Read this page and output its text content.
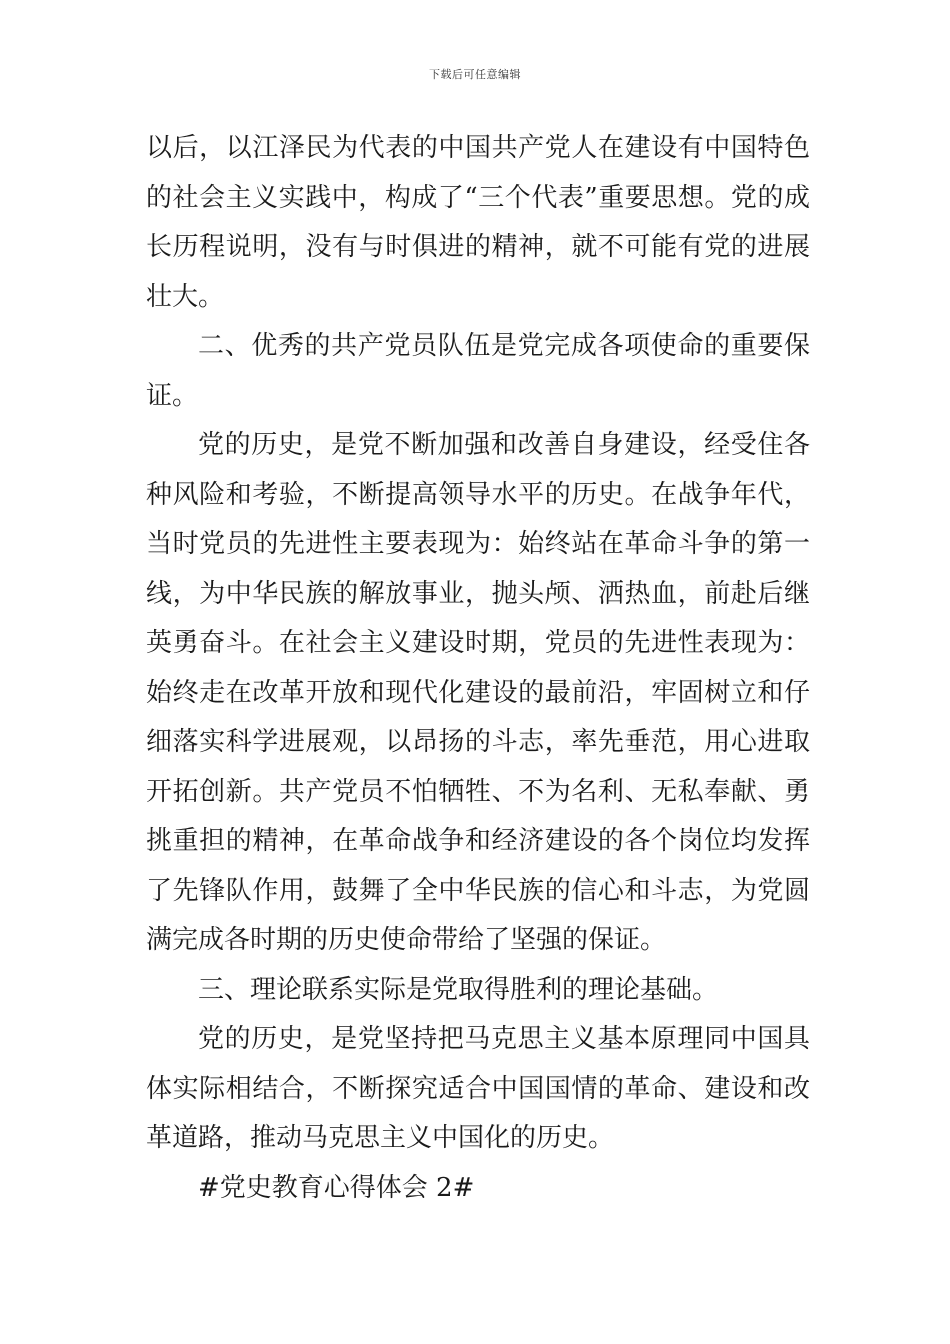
下载后可任意编辑

以后，以江泽民为代表的中国共产党人在建设有中国特色的社会主义实践中，构成了“三个代表”重要思想。党的成长历程说明，没有与时俱进的精神，就不可能有党的进展壮大。

二、优秀的共产党员队伍是党完成各项使命的重要保证。

党的历史，是党不断加强和改善自身建设，经受住各种风险和考验，不断提高领导水平的历史。在战争年代，当时党员的先进性主要表现为：始终站在革命斗争的第一线，为中华民族的解放事业，抛头颅、洒热血，前赴后继英勇奋斗。在社会主义建设时期，党员的先进性表现为：始终走在改革开放和现代化建设的最前沿，牢固树立和仔细落实科学进展观，以昂扬的斗志，率先垂范，用心进取开拓创新。共产党员不怕牺牲、不为名利、无私奉献、勇挑重担的精神，在革命战争和经济建设的各个岗位均发挥了先锋队作用，鼓舞了全中华民族的信心和斗志，为党圆满完成各时期的历史使命带给了坚强的保证。

三、理论联系实际是党取得胜利的理论基础。

党的历史，是党坚持把马克思主义基本原理同中国具体实际相结合，不断探究适合中国国情的革命、建设和改革道路，推动马克思主义中国化的历史。

#党史教育心得体会 2#
